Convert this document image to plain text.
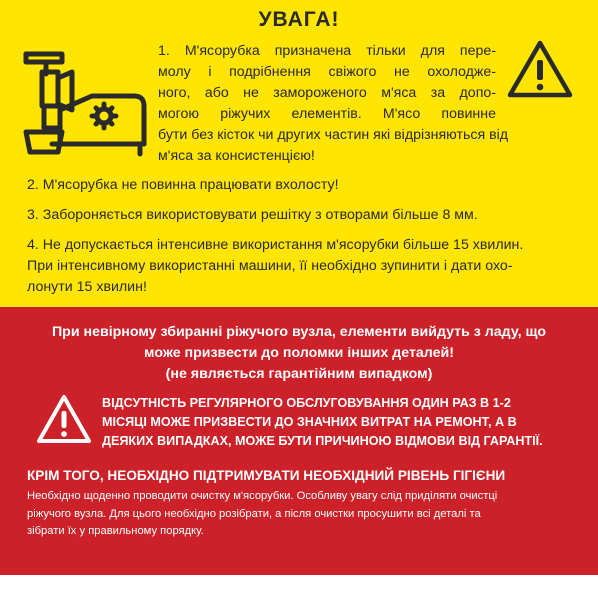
УВАГА!
1. М'ясорубка призначена тільки для пере-
молу і подрібнення свіжого не охолодже-
ного, або не замороженого м'яса за допо-
могою ріжучих елементів. М'ясо повинне
бути без кісток чи других частин які відрізняються від
м'яса за консистенцією!
2. М'ясорубка не повинна працювати вхолосту!
3. Забороняється використовувати решітку з отворами більше 8 мм.
4. Не допускається інтенсивне використання м'ясорубки більше 15 хвилин.
При інтенсивному використанні машини, її необхідно зупинити і дати охо-
лонути 15 хвилин!
При невірному збиранні ріжучого вузла, елементи вийдуть з ладу, що
може призвести до поломки інших деталей!
(не являється гарантійним випадком)
ВІДСУТНІСТЬ РЕГУЛЯРНОГО ОБСЛУГОВУВАННЯ ОДИН РАЗ В 1-2
МІСЯЦІ МОЖЕ ПРИЗВЕСТИ ДО ЗНАЧНИХ ВИТРАТ НА РЕМОНТ, А В
ДЕЯКИХ ВИПАДКАХ, МОЖЕ БУТИ ПРИЧИНОЮ ВІДМОВИ ВІД ГАРАНТІЇ.
КРІМ ТОГО, НЕОБХІДНО ПІДТРИМУВАТИ НЕОБХІДНИЙ РІВЕНЬ ГІГІЄНИ
Необхідно щоденно проводити очистку м'ясорубки. Особливу увагу слід приділяти очистці
ріжучого вузла. Для цього необхідно розібрати, а після очистки просушити всі деталі та
зібрати їх у правильному порядку.
